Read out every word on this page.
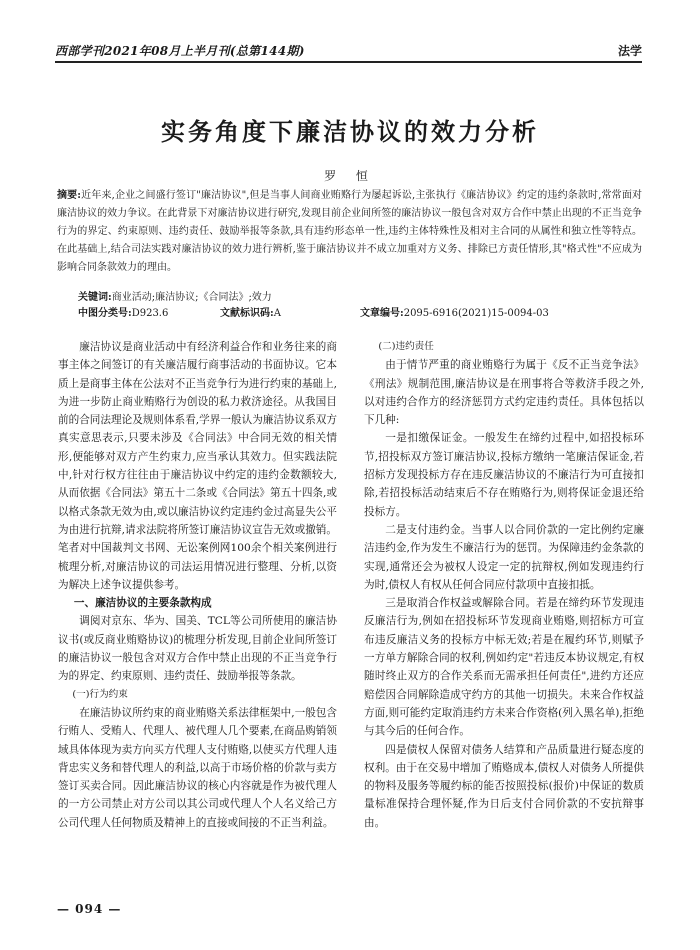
西部学刊2021年08月上半月刊(总第144期)	法学
实务角度下廉洁协议的效力分析
罗 恒
摘要:近年来,企业之间盛行签订"廉洁协议",但是当事人间商业贿赂行为屡起诉讼,主张执行《廉洁协议》约定的违约条款时,常常面对廉洁协议的效力争议。在此背景下对廉洁协议进行研究,发现目前企业间所签的廉洁协议一般包含对双方合作中禁止出现的不正当竞争行为的界定、约束原则、违约责任、鼓励举报等条款,具有违约形态单一性,违约主体特殊性及相对主合同的从属性和独立性等特点。在此基础上,结合司法实践对廉洁协议的效力进行辨析,鉴于廉洁协议并不成立加重对方义务、排除已方责任情形,其"格式性"不应成为影响合同条款效力的理由。
关键词:商业活动;廉洁协议;《合同法》;效力
中图分类号:D923.6	文献标识码:A	文章编号:2095-6916(2021)15-0094-03

廉洁协议是商业活动中有经济利益合作和业务往来的商事主体之间签订的有关廉洁履行商事活动的书面协议。它本质上是商事主体在公法对不正当竞争行为进行约束的基础上,为进一步防止商业贿赂行为创设的私力救济途径。从我国目前的合同法理论及规则体系看,学界一般认为廉洁协议系双方真实意思表示,只要未涉及《合同法》中合同无效的相关情形,便能够对双方产生约束力,应当承认其效力。但实践法院中,针对行权方往往由于廉洁协议中约定的违约金数额较大,从而依据《合同法》第五十二条或《合同法》第五十四条,或以格式条款无效为由,或以廉洁协议约定违约金过高显失公平为由进行抗辩,请求法院将所签订廉洁协议宣告无效或撤销。笔者对中国裁判文书网、无讼案例网100余个相关案例进行梳理分析,对廉洁协议的司法运用情况进行整理、分析,以资为解决上述争议提供参考。

一、廉洁协议的主要条款构成

调阅对京东、华为、国美、TCL等公司所使用的廉洁协议书(或反商业贿赂协议)的梳理分析发现,目前企业间所签订的廉洁协议一般包含对双方合作中禁止出现的不正当竞争行为的界定、约束原则、违约责任、鼓励举报等条款。

(一)行为约束

在廉洁协议所约束的商业贿赂关系法律框架中,一般包含行贿人、受贿人、代理人、被代理人几个要素,在商品购销领域具体体现为卖方向买方代理人支付贿赂,以使买方代理人违背忠实义务和替代理人的利益,以高于市场价格的价款与卖方签订买卖合同。因此廉洁协议的核心内容就是作为被代理人的一方公司禁止对方公司以其公司或代理人个人名义给己方公司代理人任何物质及精神上的直接或间接的不正当利益。

(二)违约责任

由于情节严重的商业贿赂行为属于《反不正当竞争法》《刑法》规制范围,廉洁协议是在刑事将合等救济手段之外,以对违约合作方的经济惩罚方式约定违约责任。具体包括以下几种:

一是扣缴保证金。一般发生在缔约过程中,如招投标环节,招投标双方签订廉洁协议,投标方缴纳一笔廉洁保证金,若招标方发现投标方存在违反廉洁协议的不廉洁行为可直接扣除,若招投标活动结束后不存在贿赂行为,则将保证金退还给投标方。

二是支付违约金。当事人以合同价款的一定比例约定廉洁违约金,作为发生不廉洁行为的惩罚。为保障违约金条款的实现,通常还会为被权人设定一定的抗辩权,例如发现违约行为时,债权人有权从任何合同应付款项中直接扣抵。

三是取消合作权益或解除合同。若是在缔约环节发现违反廉洁行为,例如在招投标环节发现商业贿赂,则招标方可宣布违反廉洁义务的投标方中标无效;若是在履约环节,则赋予一方单方解除合同的权利,例如约定"若违反本协议规定,有权随时终止双方的合作关系而无需承担任何责任",进约方还应赔偿因合同解除造成守约方的其他一切损失。未来合作权益方面,则可能约定取消违约方未来合作资格(列入黑名单),拒绝与其今后的任何合作。

四是债权人保留对债务人结算和产品质量进行疑态度的权利。由于在交易中增加了贿赂成本,债权人对债务人所提供的物料及服务等履约标的能否按照投标(报价)中保证的数质量标准保持合理怀疑,作为日后支付合同价款的不安抗辩事由。

— 094 —
